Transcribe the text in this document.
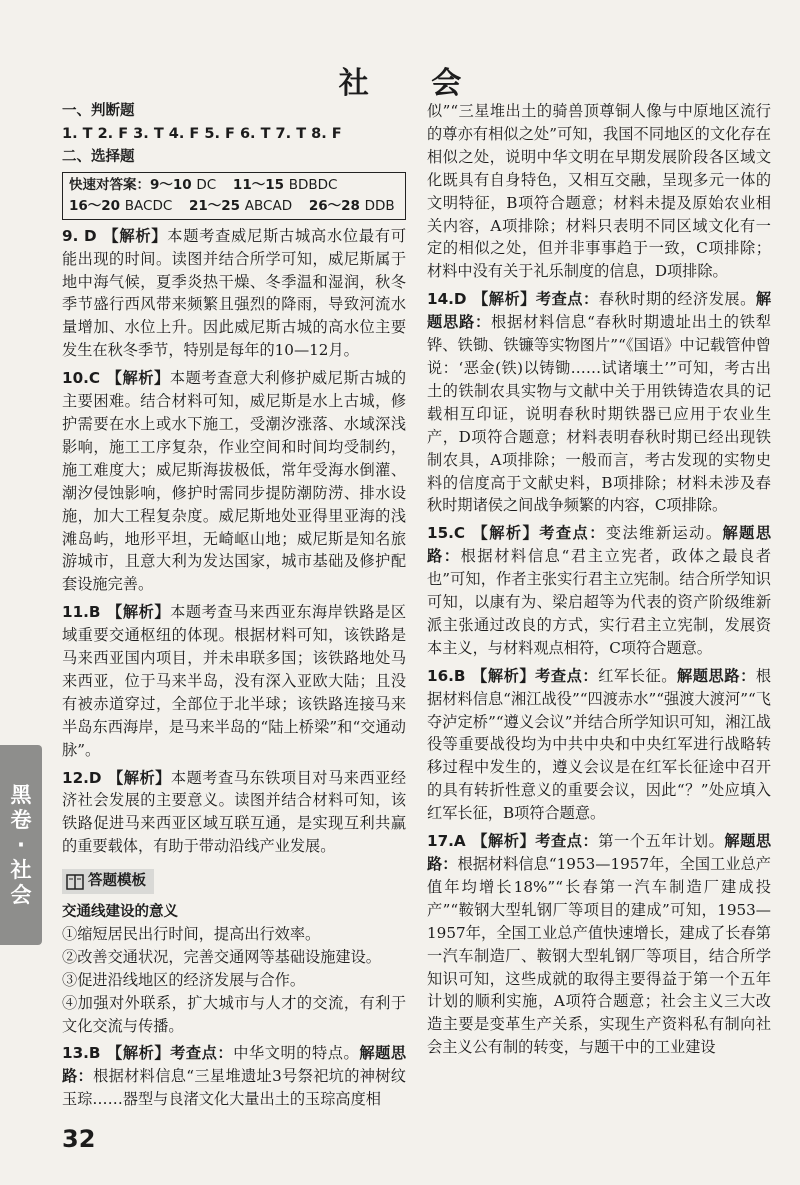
社 会
一、判断题
1. T 2. F 3. T 4. F 5. F 6. T 7. T 8. F
二、选择题
快速对答案：9～10 DC 11～15 BDBDC
16～20 BACDC 21～25 ABCAD 26～28 DDB
9. D 【解析】本题考查威尼斯古城高水位最有可能出现的时间。读图并结合所学可知，威尼斯属于地中海气候，夏季炎热干燥、冬季温和湿润，秋冬季节盛行西风带来频繁且强烈的降雨，导致河流水量增加、水位上升。因此威尼斯古城的高水位主要发生在秋冬季节，特别是每年的10—12月。
10.C 【解析】本题考查意大利修护威尼斯古城的主要困难。结合材料可知，威尼斯是水上古城，修护需要在水上或水下施工，受潮汐涨落、水域深浅影响，施工工序复杂，作业空间和时间均受制约，施工难度大；威尼斯海拔极低，常年受海水倒灌、潮汐侵蚀影响，修护时需同步提防潮防涝、排水设施，加大工程复杂度。威尼斯地处亚得里亚海的浅滩岛屿，地形平坦，无崎岖山地；威尼斯是知名旅游城市，且意大利为发达国家，城市基础及修护配套设施完善。
11.B 【解析】本题考查马来西亚东海岸铁路是区域重要交通枢纽的体现。根据材料可知，该铁路是马来西亚国内项目，并未串联多国；该铁路地处马来西亚，位于马来半岛，没有深入亚欧大陆；且没有被赤道穿过，全部位于北半球；该铁路连接马来半岛东西海岸，是马来半岛的“陆上桥梁”和“交通动脉”。
12.D 【解析】本题考查马东铁项目对马来西亚经济社会发展的主要意义。读图并结合材料可知，该铁路促进马来西亚区域互联互通，是实现互利共赢的重要载体，有助于带动沿线产业发展。
答题模板
交通线建设的意义
①缩短居民出行时间，提高出行效率。
②改善交通状况，完善交通网等基础设施建设。
③促进沿线地区的经济发展与合作。
④加强对外联系，扩大城市与人才的交流，有利于文化交流与传播。
13.B 【解析】考查点：中华文明的特点。解题思路：根据材料信息“三星堆遗址3号祭祀坑的神树纹玉琮……器型与良渚文化大量出土的玉琮高度相
似”“三星堆出土的骑兽顶尊铜人像与中原地区流行的尊亦有相似之处”可知，我国不同地区的文化存在相似之处，说明中华文明在早期发展阶段各区域文化既具有自身特色，又相互交融，呈现多元一体的文明特征，B项符合题意；材料未提及原始农业相关内容，A项排除；材料只表明不同区域文化有一定的相似之处，但并非事事趋于一致，C项排除；材料中没有关于礼乐制度的信息，D项排除。
14.D 【解析】考查点：春秋时期的经济发展。解题思路：根据材料信息“春秋时期遗址出土的铁犁铧、铁锄、铁镰等实物图片”“《国语》中记载管仲曾说：‘恶金(铁)以铸锄……试诸壤土’”可知，考古出土的铁制农具实物与文献中关于用铁铸造农具的记载相互印证，说明春秋时期铁器已应用于农业生产，D项符合题意；材料表明春秋时期已经出现铁制农具，A项排除；一般而言，考古发现的实物史料的信度高于文献史料，B项排除；材料未涉及春秋时期诸侯之间战争频繁的内容，C项排除。
15.C 【解析】考查点：变法维新运动。解题思路：根据材料信息“君主立宪者，政体之最良者也”可知，作者主张实行君主立宪制。结合所学知识可知，以康有为、梁启超等为代表的资产阶级维新派主张通过改良的方式，实行君主立宪制，发展资本主义，与材料观点相符，C项符合题意。
16.B 【解析】考查点：红军长征。解题思路：根据材料信息“湘江战役”“四渡赤水”“强渡大渡河”“飞夺泸定桥”“遵义会议”并结合所学知识可知，湘江战役等重要战役均为中共中央和中央红军进行战略转移过程中发生的，遵义会议是在红军长征途中召开的具有转折性意义的重要会议，因此“？”处应填入红军长征，B项符合题意。
17.A 【解析】考查点：第一个五年计划。解题思路：根据材料信息“1953—1957年，全国工业总产值年均增长18%”“长春第一汽车制造厂建成投产”“鞍钢大型轧钢厂等项目的建成”可知，1953—1957年，全国工业总产值快速增长，建成了长春第一汽车制造厂、鞍钢大型轧钢厂等项目，结合所学知识可知，这些成就的取得主要得益于第一个五年计划的顺利实施，A项符合题意；社会主义三大改造主要是变革生产关系，实现生产资料私有制向社会主义公有制的转变，与题干中的工业建设
黑
卷
·
社
会
32
